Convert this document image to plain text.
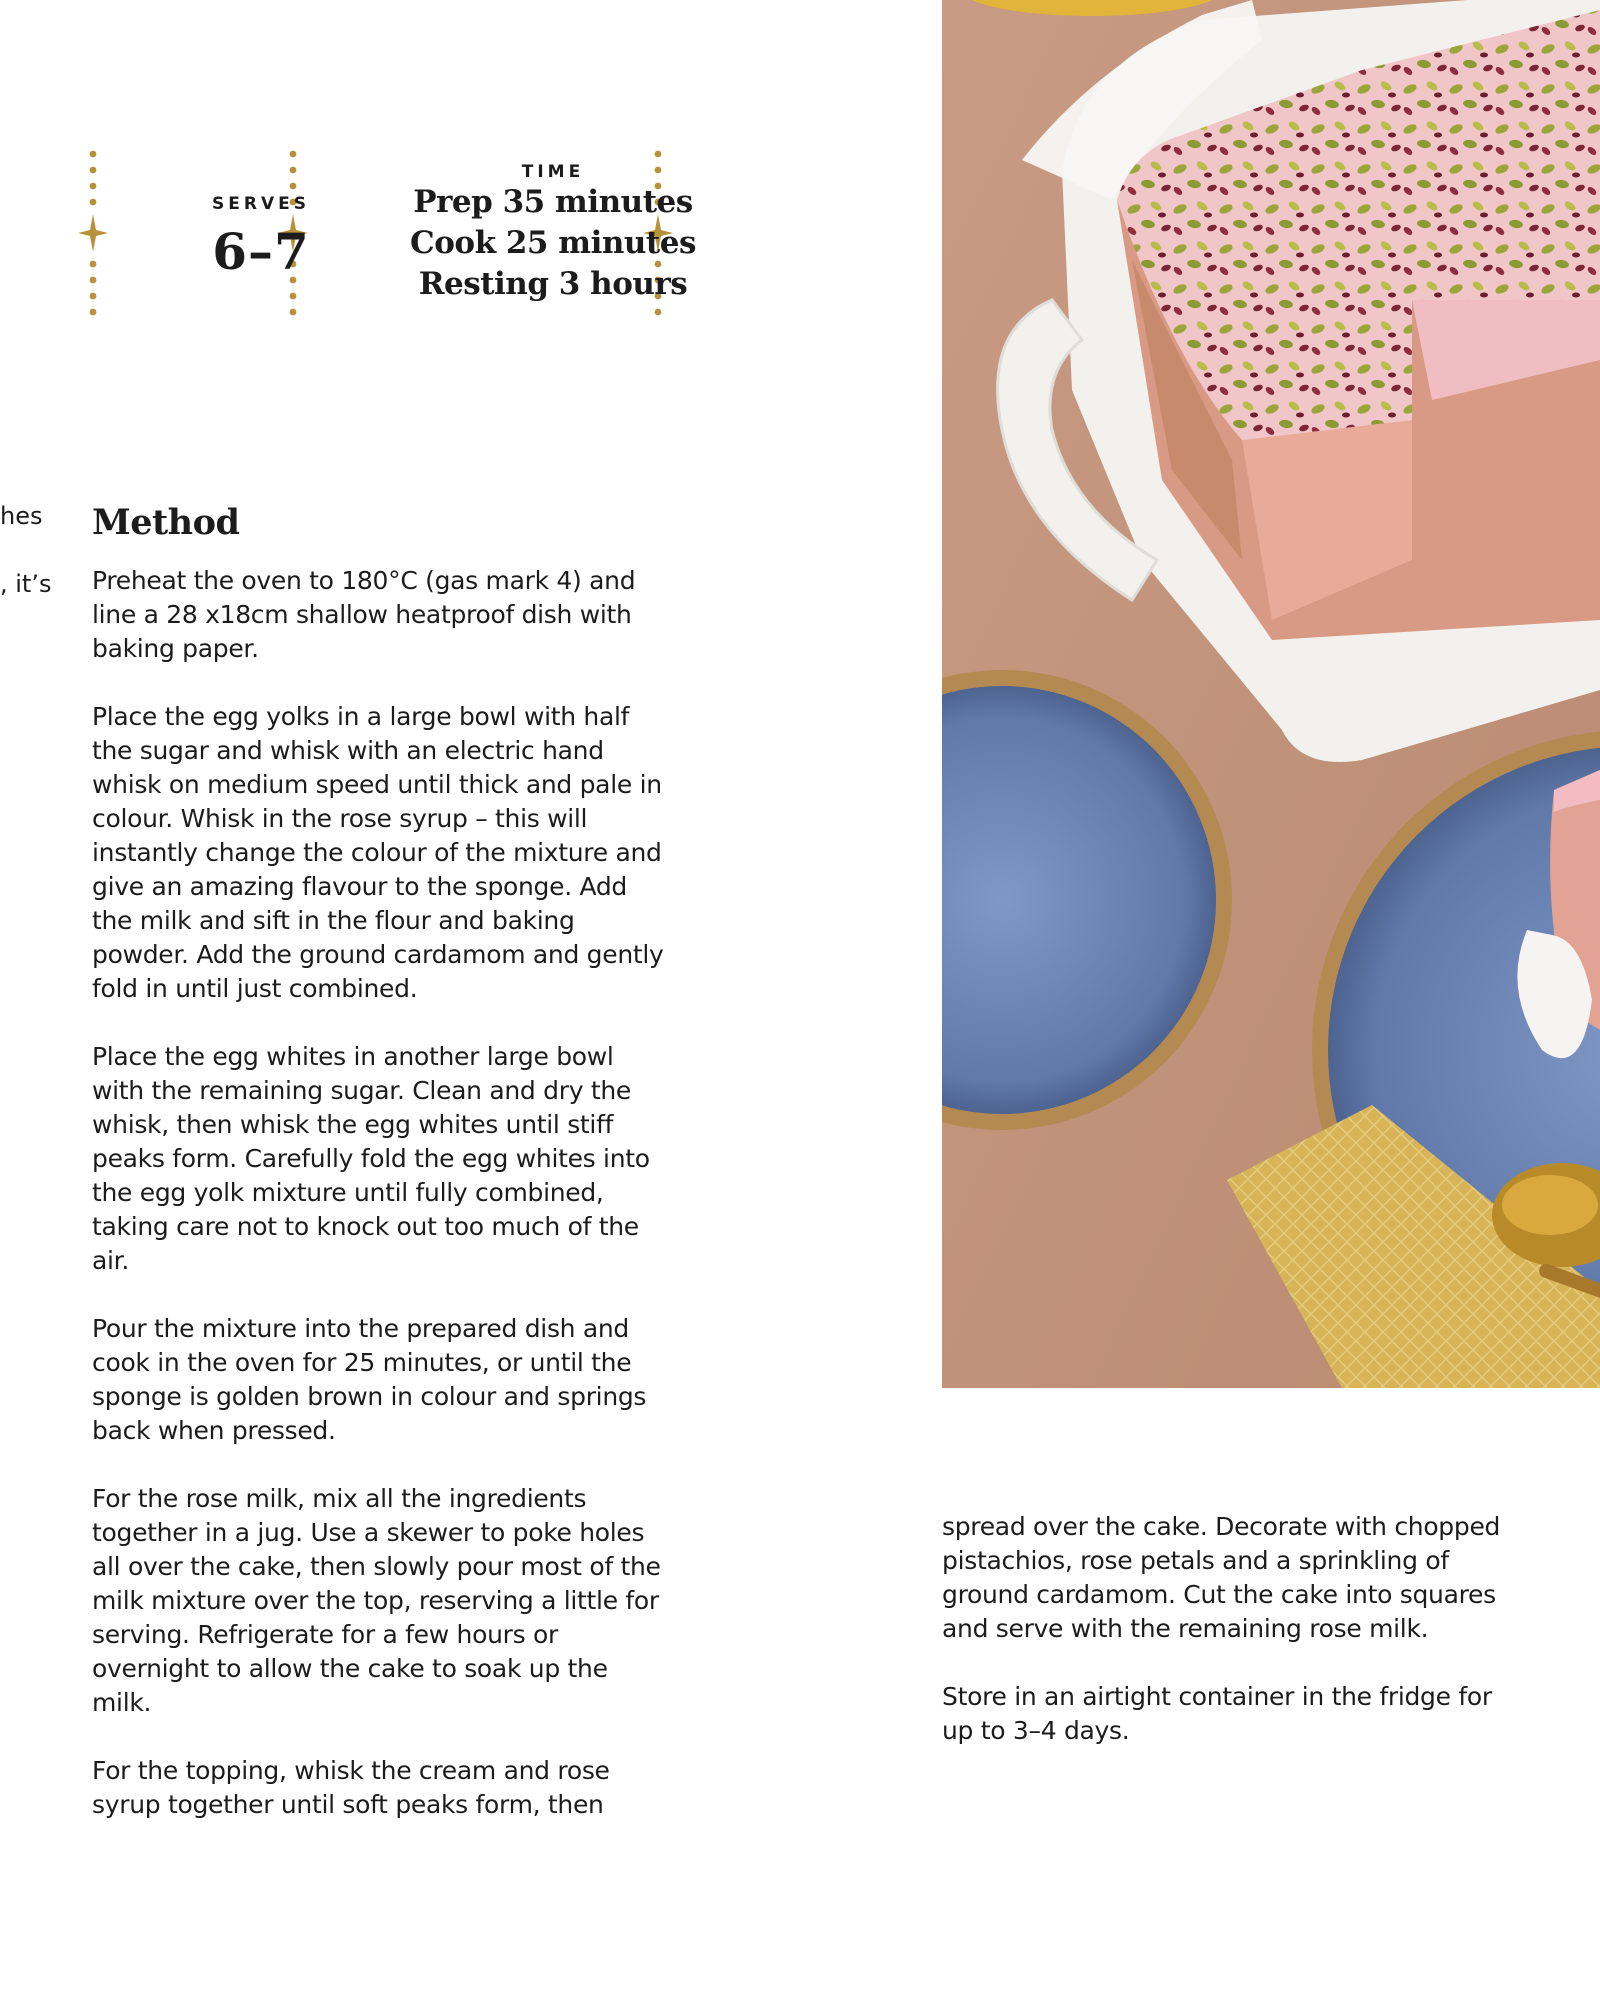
SERVES
6–7
TIME
Prep 35 minutes
Cook 25 minutes
Resting 3 hours
hes
, it’s
Method

Preheat the oven to 180°C (gas mark 4) and line a 28 x18cm shallow heatproof dish with baking paper.

Place the egg yolks in a large bowl with half the sugar and whisk with an electric hand whisk on medium speed until thick and pale in colour. Whisk in the rose syrup – this will instantly change the colour of the mixture and give an amazing flavour to the sponge. Add the milk and sift in the flour and baking powder. Add the ground cardamom and gently fold in until just combined.

Place the egg whites in another large bowl with the remaining sugar. Clean and dry the whisk, then whisk the egg whites until stiff peaks form. Carefully fold the egg whites into the egg yolk mixture until fully combined, taking care not to knock out too much of the air.

Pour the mixture into the prepared dish and cook in the oven for 25 minutes, or until the sponge is golden brown in colour and springs back when pressed.

For the rose milk, mix all the ingredients together in a jug. Use a skewer to poke holes all over the cake, then slowly pour most of the milk mixture over the top, reserving a little for serving. Refrigerate for a few hours or overnight to allow the cake to soak up the milk.

For the topping, whisk the cream and rose syrup together until soft peaks form, then

spread over the cake. Decorate with chopped pistachios, rose petals and a sprinkling of ground cardamom. Cut the cake into squares and serve with the remaining rose milk.

Store in an airtight container in the fridge for up to 3–4 days.
